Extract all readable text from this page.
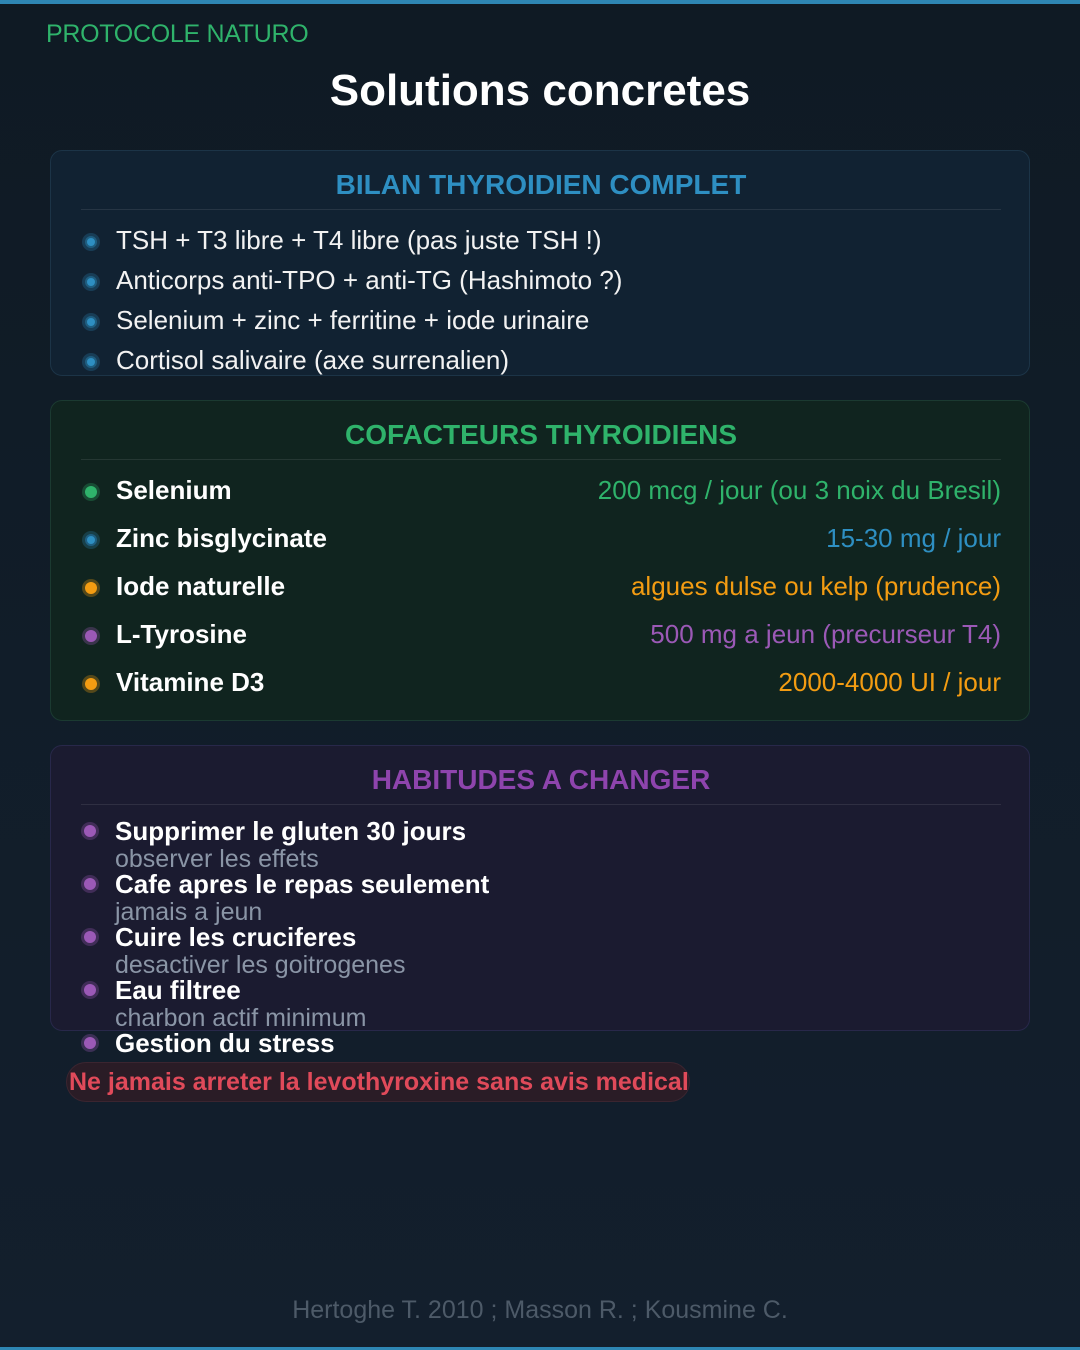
PROTOCOLE NATURO
Solutions concretes
BILAN THYROIDIEN COMPLET
TSH + T3 libre + T4 libre (pas juste TSH !)
Anticorps anti-TPO + anti-TG (Hashimoto ?)
Selenium + zinc + ferritine + iode urinaire
Cortisol salivaire (axe surrenalien)
COFACTEURS THYROIDIENS
Selenium	200 mcg / jour (ou 3 noix du Bresil)
Zinc bisglycinate	15-30 mg / jour
Iode naturelle	algues dulse ou kelp (prudence)
L-Tyrosine	500 mg a jeun (precurseur T4)
Vitamine D3	2000-4000 UI / jour
HABITUDES A CHANGER
Supprimer le gluten 30 jours
observer les effets
Cafe apres le repas seulement
jamais a jeun
Cuire les cruciferes
desactiver les goitrogenes
Eau filtree
charbon actif minimum
Gestion du stress
Ne jamais arreter la levothyroxine sans avis medical
Hertoghe T. 2010 ; Masson R. ; Kousmine C.
